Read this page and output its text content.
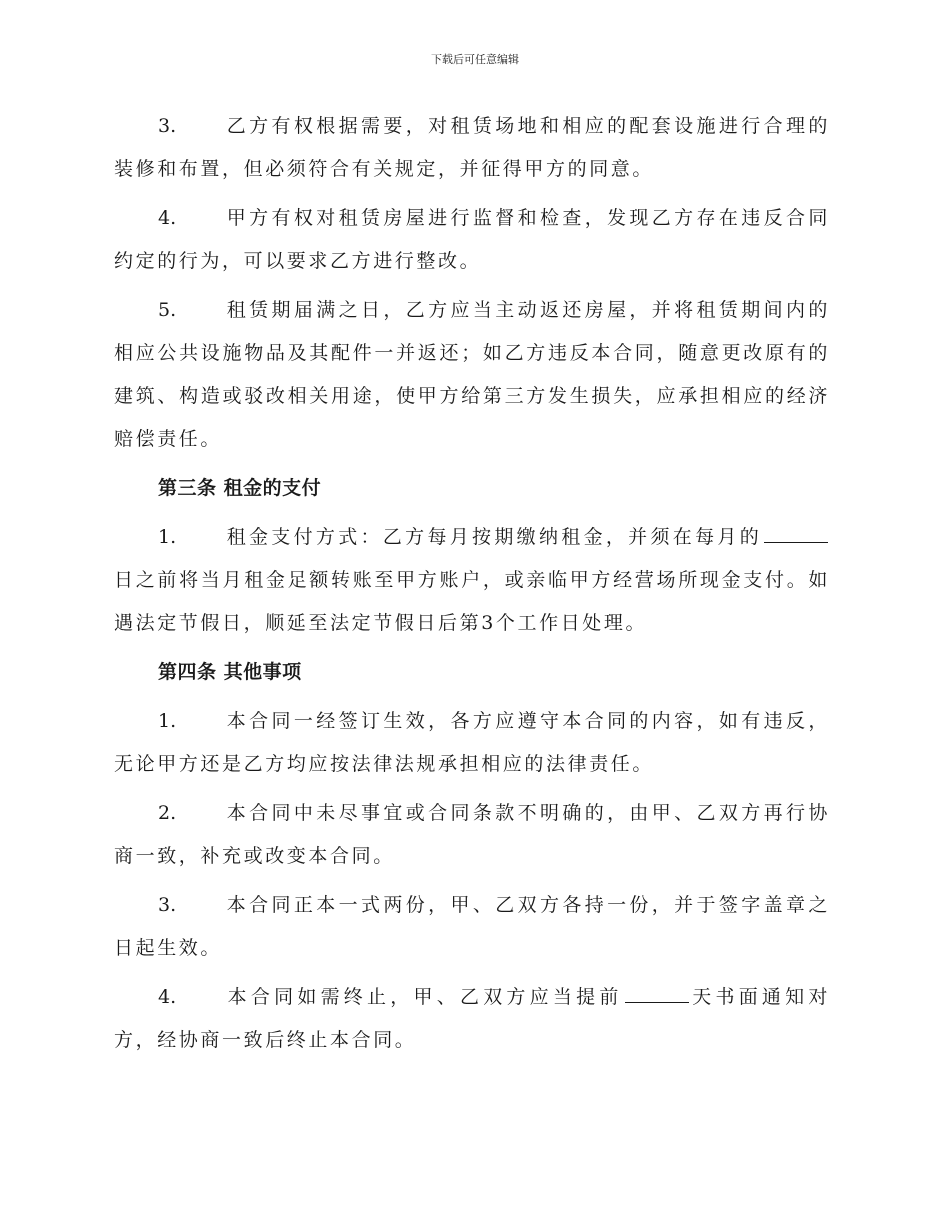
下载后可任意编辑

3.	乙方有权根据需要，对租赁场地和相应的配套设施进行合理的装修和布置，但必须符合有关规定，并征得甲方的同意。

4.	甲方有权对租赁房屋进行监督和检查，发现乙方存在违反合同约定的行为，可以要求乙方进行整改。

5.	租赁期届满之日，乙方应当主动返还房屋，并将租赁期间内的相应公共设施物品及其配件一并返还；如乙方违反本合同，随意更改原有的建筑、构造或驳改相关用途，使甲方给第三方发生损失，应承担相应的经济赔偿责任。

第三条 租金的支付

1.	租金支付方式：乙方每月按期缴纳租金，并须在每月的日之前将当月租金足额转账至甲方账户，或亲临甲方经营场所现金支付。如遇法定节假日，顺延至法定节假日后第3个工作日处理。

第四条 其他事项

1.	本合同一经签订生效，各方应遵守本合同的内容，如有违反，无论甲方还是乙方均应按法律法规承担相应的法律责任。

2.	本合同中未尽事宜或合同条款不明确的，由甲、乙双方再行协商一致，补充或改变本合同。

3.	本合同正本一式两份，甲、乙双方各持一份，并于签字盖章之日起生效。

4.	本合同如需终止，甲、乙双方应当提前	天书面通知对方，经协商一致后终止本合同。
